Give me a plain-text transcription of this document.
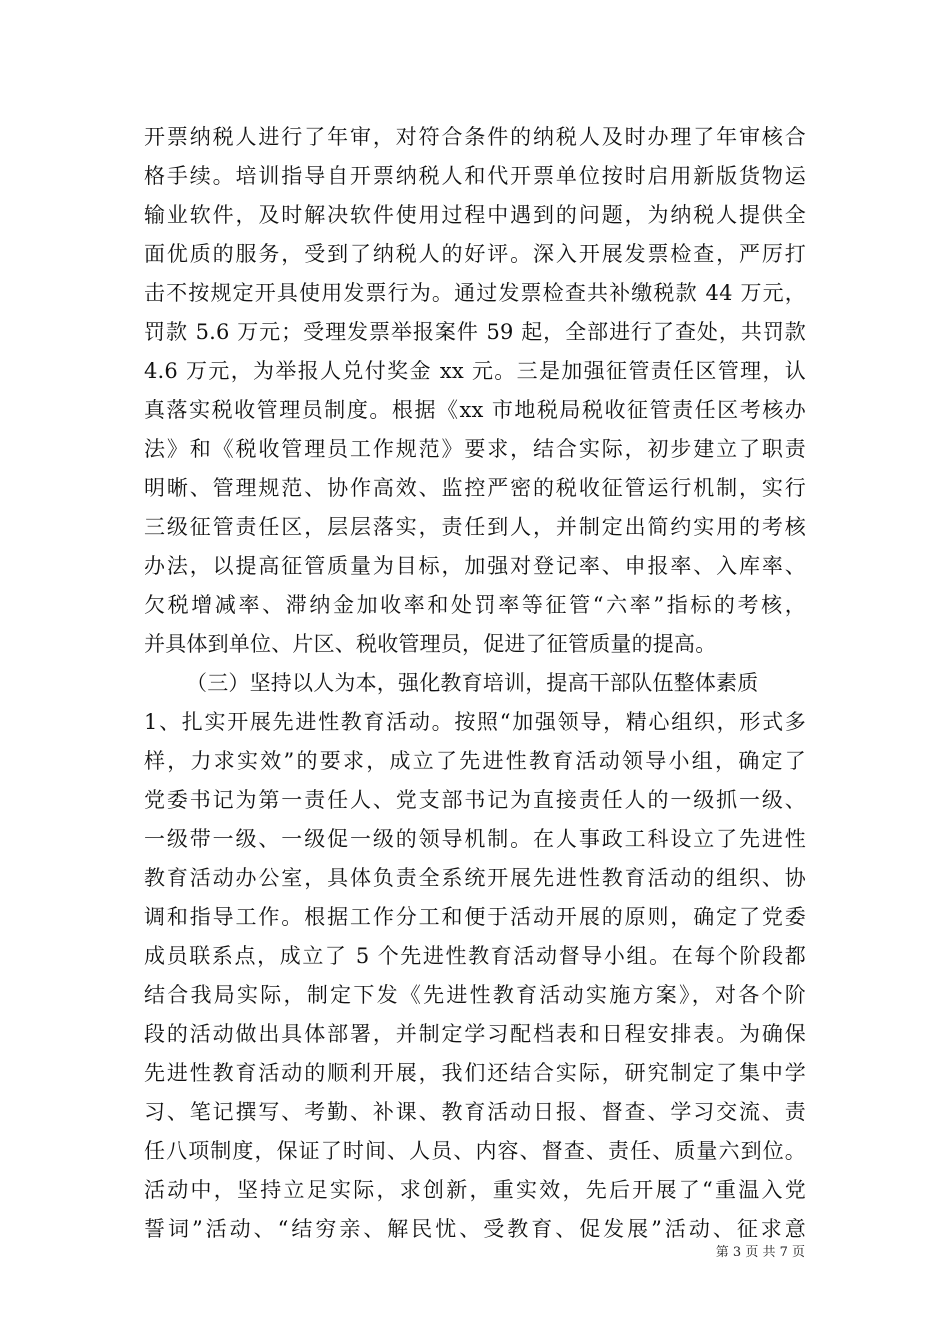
开票纳税人进行了年审，对符合条件的纳税人及时办理了年审核合
格手续。培训指导自开票纳税人和代开票单位按时启用新版货物运
输业软件，及时解决软件使用过程中遇到的问题，为纳税人提供全
面优质的服务，受到了纳税人的好评。深入开展发票检查，严厉打
击不按规定开具使用发票行为。通过发票检查共补缴税款 44 万元，
罚款 5.6 万元；受理发票举报案件 59 起，全部进行了查处，共罚款
4.6 万元，为举报人兑付奖金 xx 元。三是加强征管责任区管理，认
真落实税收管理员制度。根据《xx 市地税局税收征管责任区考核办
法》和《税收管理员工作规范》要求，结合实际，初步建立了职责
明晰、管理规范、协作高效、监控严密的税收征管运行机制，实行
三级征管责任区，层层落实，责任到人，并制定出简约实用的考核
办法，以提高征管质量为目标，加强对登记率、申报率、入库率、
欠税增减率、滞纳金加收率和处罚率等征管“六率”指标的考核，
并具体到单位、片区、税收管理员，促进了征管质量的提高。
（三）坚持以人为本，强化教育培训，提高干部队伍整体素质
1、扎实开展先进性教育活动。按照“加强领导，精心组织，形式多
样，力求实效”的要求，成立了先进性教育活动领导小组，确定了
党委书记为第一责任人、党支部书记为直接责任人的一级抓一级、
一级带一级、一级促一级的领导机制。在人事政工科设立了先进性
教育活动办公室，具体负责全系统开展先进性教育活动的组织、协
调和指导工作。根据工作分工和便于活动开展的原则，确定了党委
成员联系点，成立了 5 个先进性教育活动督导小组。在每个阶段都
结合我局实际，制定下发《先进性教育活动实施方案》，对各个阶
段的活动做出具体部署，并制定学习配档表和日程安排表。为确保
先进性教育活动的顺利开展，我们还结合实际，研究制定了集中学
习、笔记撰写、考勤、补课、教育活动日报、督查、学习交流、责
任八项制度，保证了时间、人员、内容、督查、责任、质量六到位。
活动中，坚持立足实际，求创新，重实效，先后开展了“重温入党
誓词”活动、“结穷亲、解民忧、受教育、促发展”活动、征求意
第 3 页 共 7 页
